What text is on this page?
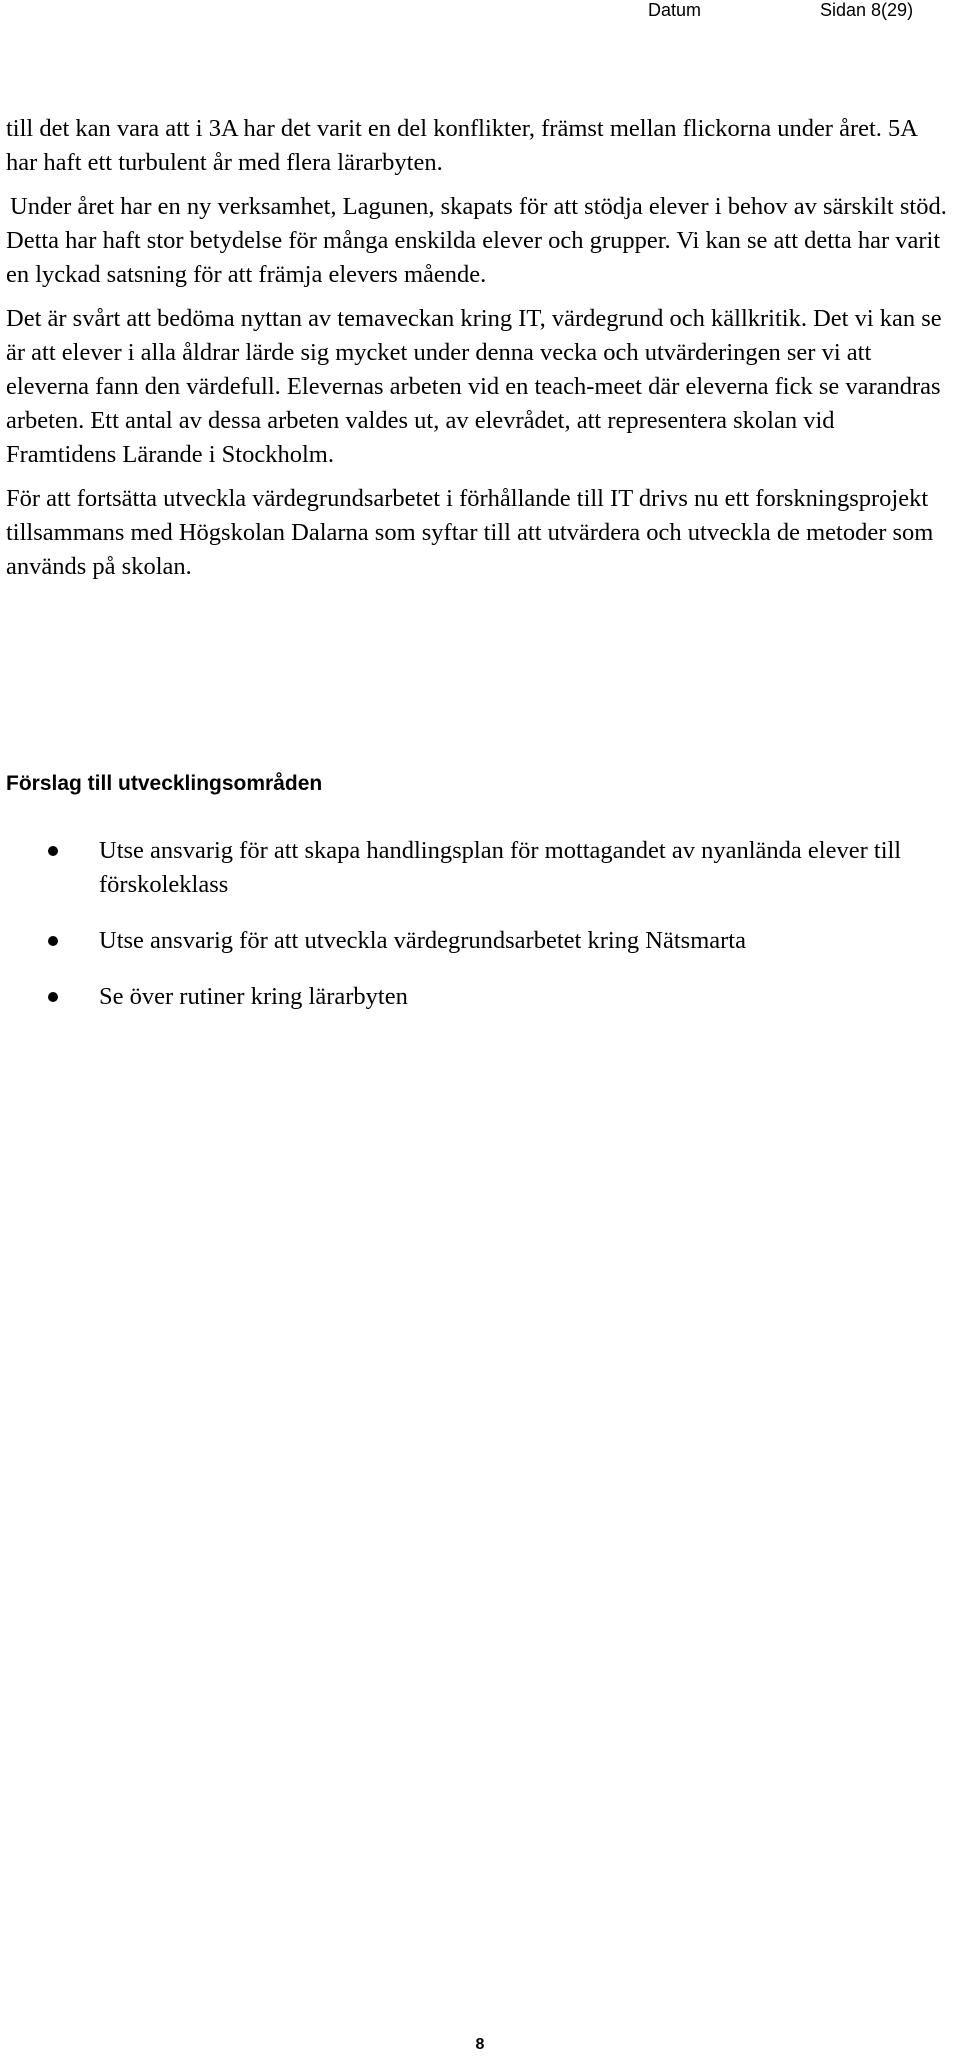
Datum	Sidan 8(29)

till det kan vara att i 3A har det varit en del konflikter, främst mellan flickorna under året. 5A har haft ett turbulent år med flera lärarbyten.

Under året har en ny verksamhet, Lagunen, skapats för att stödja elever i behov av särskilt stöd. Detta har haft stor betydelse för många enskilda elever och grupper. Vi kan se att detta har varit en lyckad satsning för att främja elevers mående.

Det är svårt att bedöma nyttan av temaveckan kring IT, värdegrund och källkritik. Det vi kan se är att elever i alla åldrar lärde sig mycket under denna vecka och utvärderingen ser vi att eleverna fann den värdefull. Elevernas arbeten vid en teach-meet där eleverna fick se varandras arbeten. Ett antal av dessa arbeten valdes ut, av elevrådet, att representera skolan vid Framtidens Lärande i Stockholm.

För att fortsätta utveckla värdegrundsarbetet i förhållande till IT drivs nu ett forskningsprojekt tillsammans med Högskolan Dalarna som syftar till att utvärdera och utveckla de metoder som används på skolan.

Förslag till utvecklingsområden
Utse ansvarig för att skapa handlingsplan för mottagandet av nyanlända elever till förskoleklass
Utse ansvarig för att utveckla värdegrundsarbetet kring Nätsmarta
Se över rutiner kring lärarbyten
8
